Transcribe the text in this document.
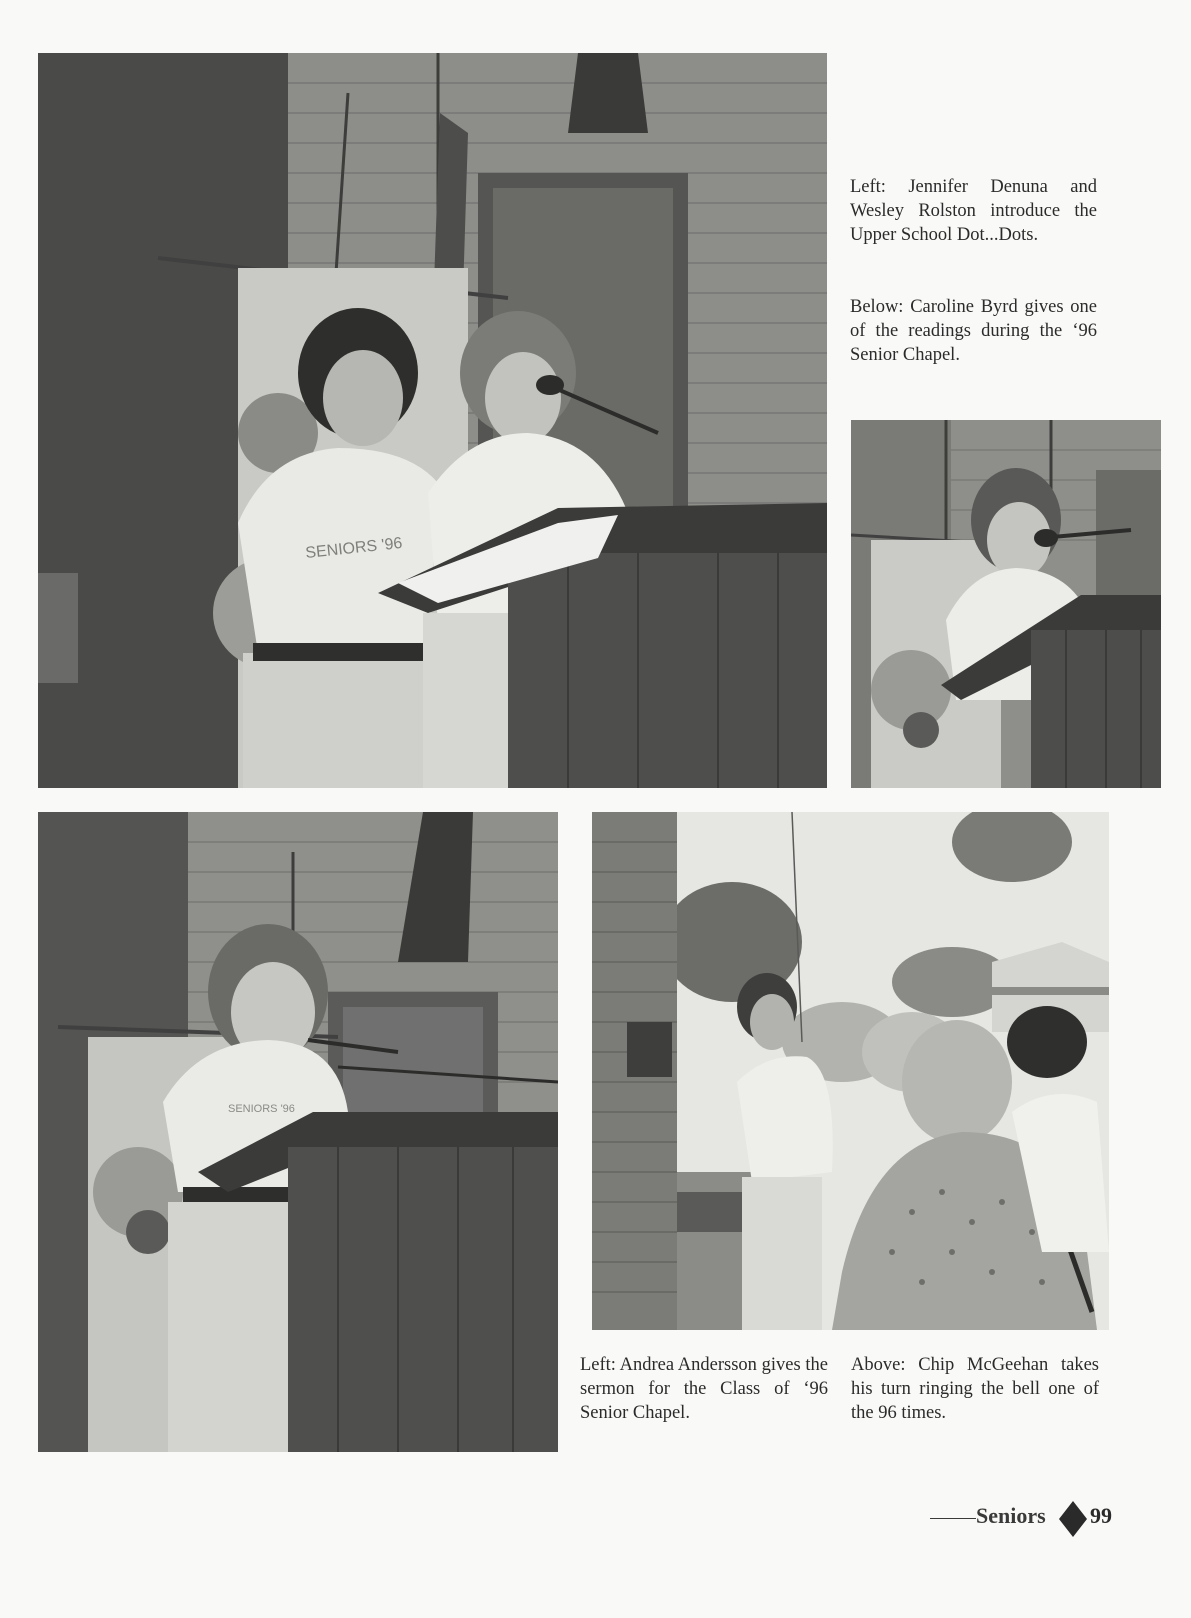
SENIORS '96

Left: Jennifer Denuna and Wesley Rolston introduce the Upper School Dot...Dots.

Below: Caroline Byrd gives one of the readings during the ‘96 Senior Chapel.

SENIORS '96

Left: Andrea Andersson gives the sermon for the Class of ‘96 Senior Chapel.

Above: Chip McGeehan takes his turn ringing the bell one of the 96 times.

Seniors 99
